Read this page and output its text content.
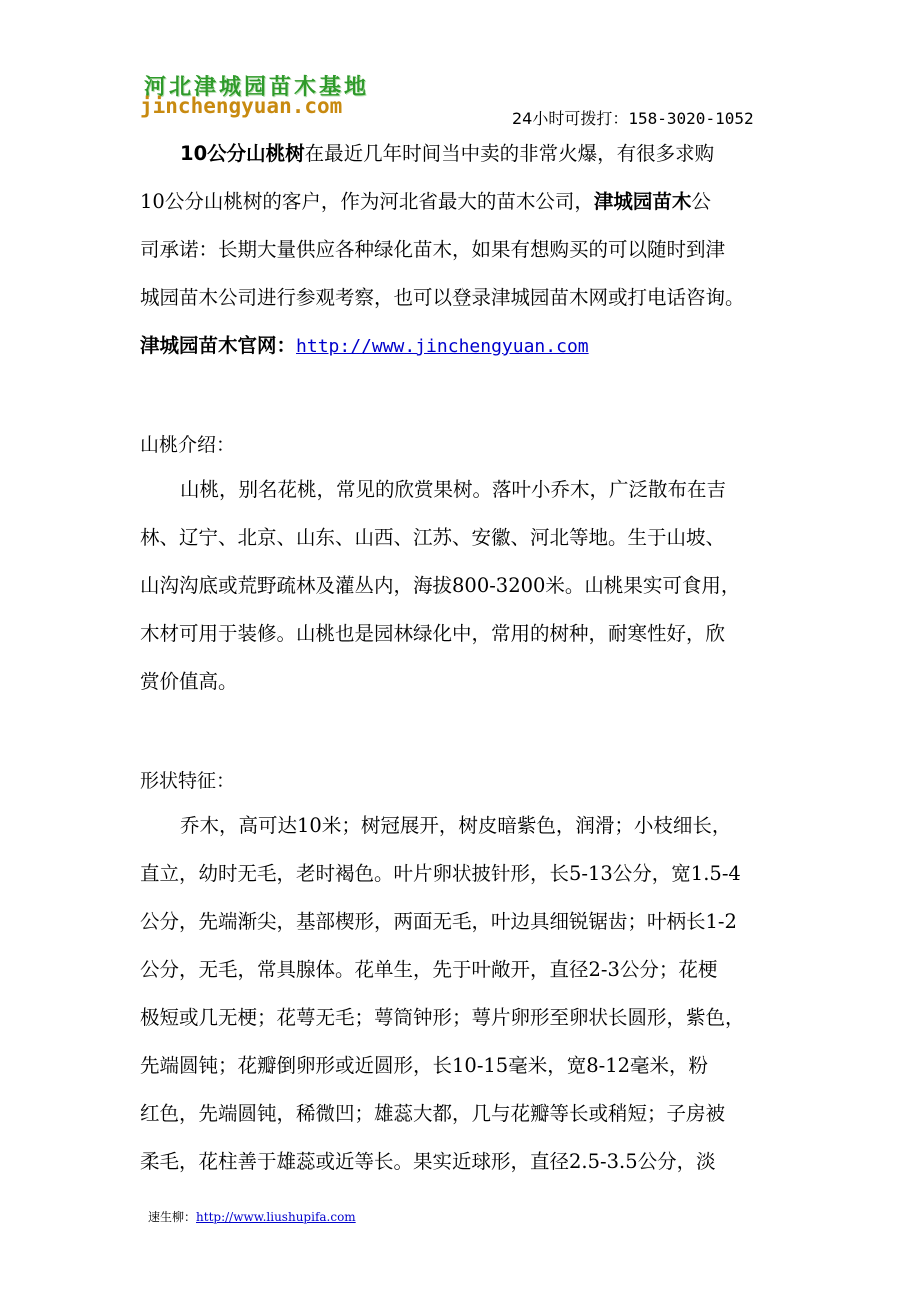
河北津城园苗木基地
jinchengyuan.com
24小时可拨打：158-3020-1052
10公分山桃树在最近几年时间当中卖的非常火爆，有很多求购
10公分山桃树的客户，作为河北省最大的苗木公司，津城园苗木公
司承诺：长期大量供应各种绿化苗木，如果有想购买的可以随时到津
城园苗木公司进行参观考察，也可以登录津城园苗木网或打电话咨询。
津城园苗木官网：http://www.jinchengyuan.com
山桃介绍：
山桃，别名花桃，常见的欣赏果树。落叶小乔木，广泛散布在吉
林、辽宁、北京、山东、山西、江苏、安徽、河北等地。生于山坡、
山沟沟底或荒野疏林及灌丛内，海拔800-3200米。山桃果实可食用，
木材可用于装修。山桃也是园林绿化中，常用的树种，耐寒性好，欣
赏价值高。
形状特征：
乔木，高可达10米；树冠展开，树皮暗紫色，润滑；小枝细长，
直立，幼时无毛，老时褐色。叶片卵状披针形，长5-13公分，宽1.5-4
公分，先端渐尖，基部楔形，两面无毛，叶边具细锐锯齿；叶柄长1-2
公分，无毛，常具腺体。花单生，先于叶敞开，直径2-3公分；花梗
极短或几无梗；花萼无毛；萼筒钟形；萼片卵形至卵状长圆形，紫色，
先端圆钝；花瓣倒卵形或近圆形，长10-15毫米，宽8-12毫米，粉
红色，先端圆钝，稀微凹；雄蕊大都，几与花瓣等长或稍短；子房被
柔毛，花柱善于雄蕊或近等长。果实近球形，直径2.5-3.5公分，淡
速生柳：http://www.liushupifa.com
